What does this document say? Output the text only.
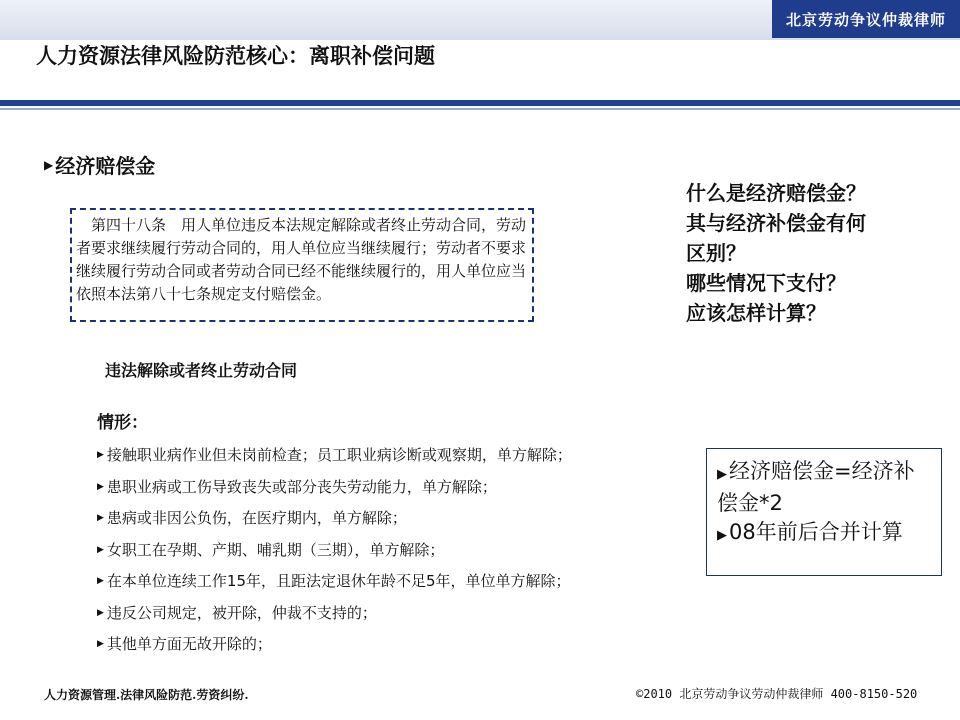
北京劳动争议仲裁律师
人力资源法律风险防范核心：离职补偿问题
▶ 经济赔偿金
　第四十八条　用人单位违反本法规定解除或者终止劳动合同，劳动者要求继续履行劳动合同的，用人单位应当继续履行；劳动者不要求继续履行劳动合同或者劳动合同已经不能继续履行的，用人单位应当依照本法第八十七条规定支付赔偿金。
什么是经济赔偿金？
其与经济补偿金有何
区别？
哪些情况下支付？
应该怎样计算？
违法解除或者终止劳动合同
情形：
▶ 接触职业病作业但未岗前检查；员工职业病诊断或观察期，单方解除；
▶ 患职业病或工伤导致丧失或部分丧失劳动能力，单方解除；
▶ 患病或非因公负伤，在医疗期内，单方解除；
▶ 女职工在孕期、产期、哺乳期（三期），单方解除；
▶ 在本单位连续工作15年，且距法定退休年龄不足5年，单位单方解除；
▶ 违反公司规定，被开除，仲裁不支持的；
▶ 其他单方面无故开除的；
▶经济赔偿金=经济补偿金*2
▶08年前后合并计算
人力资源管理.法律风险防范.劳资纠纷.	©2010 北京劳动争议劳动仲裁律师 400-8150-520
